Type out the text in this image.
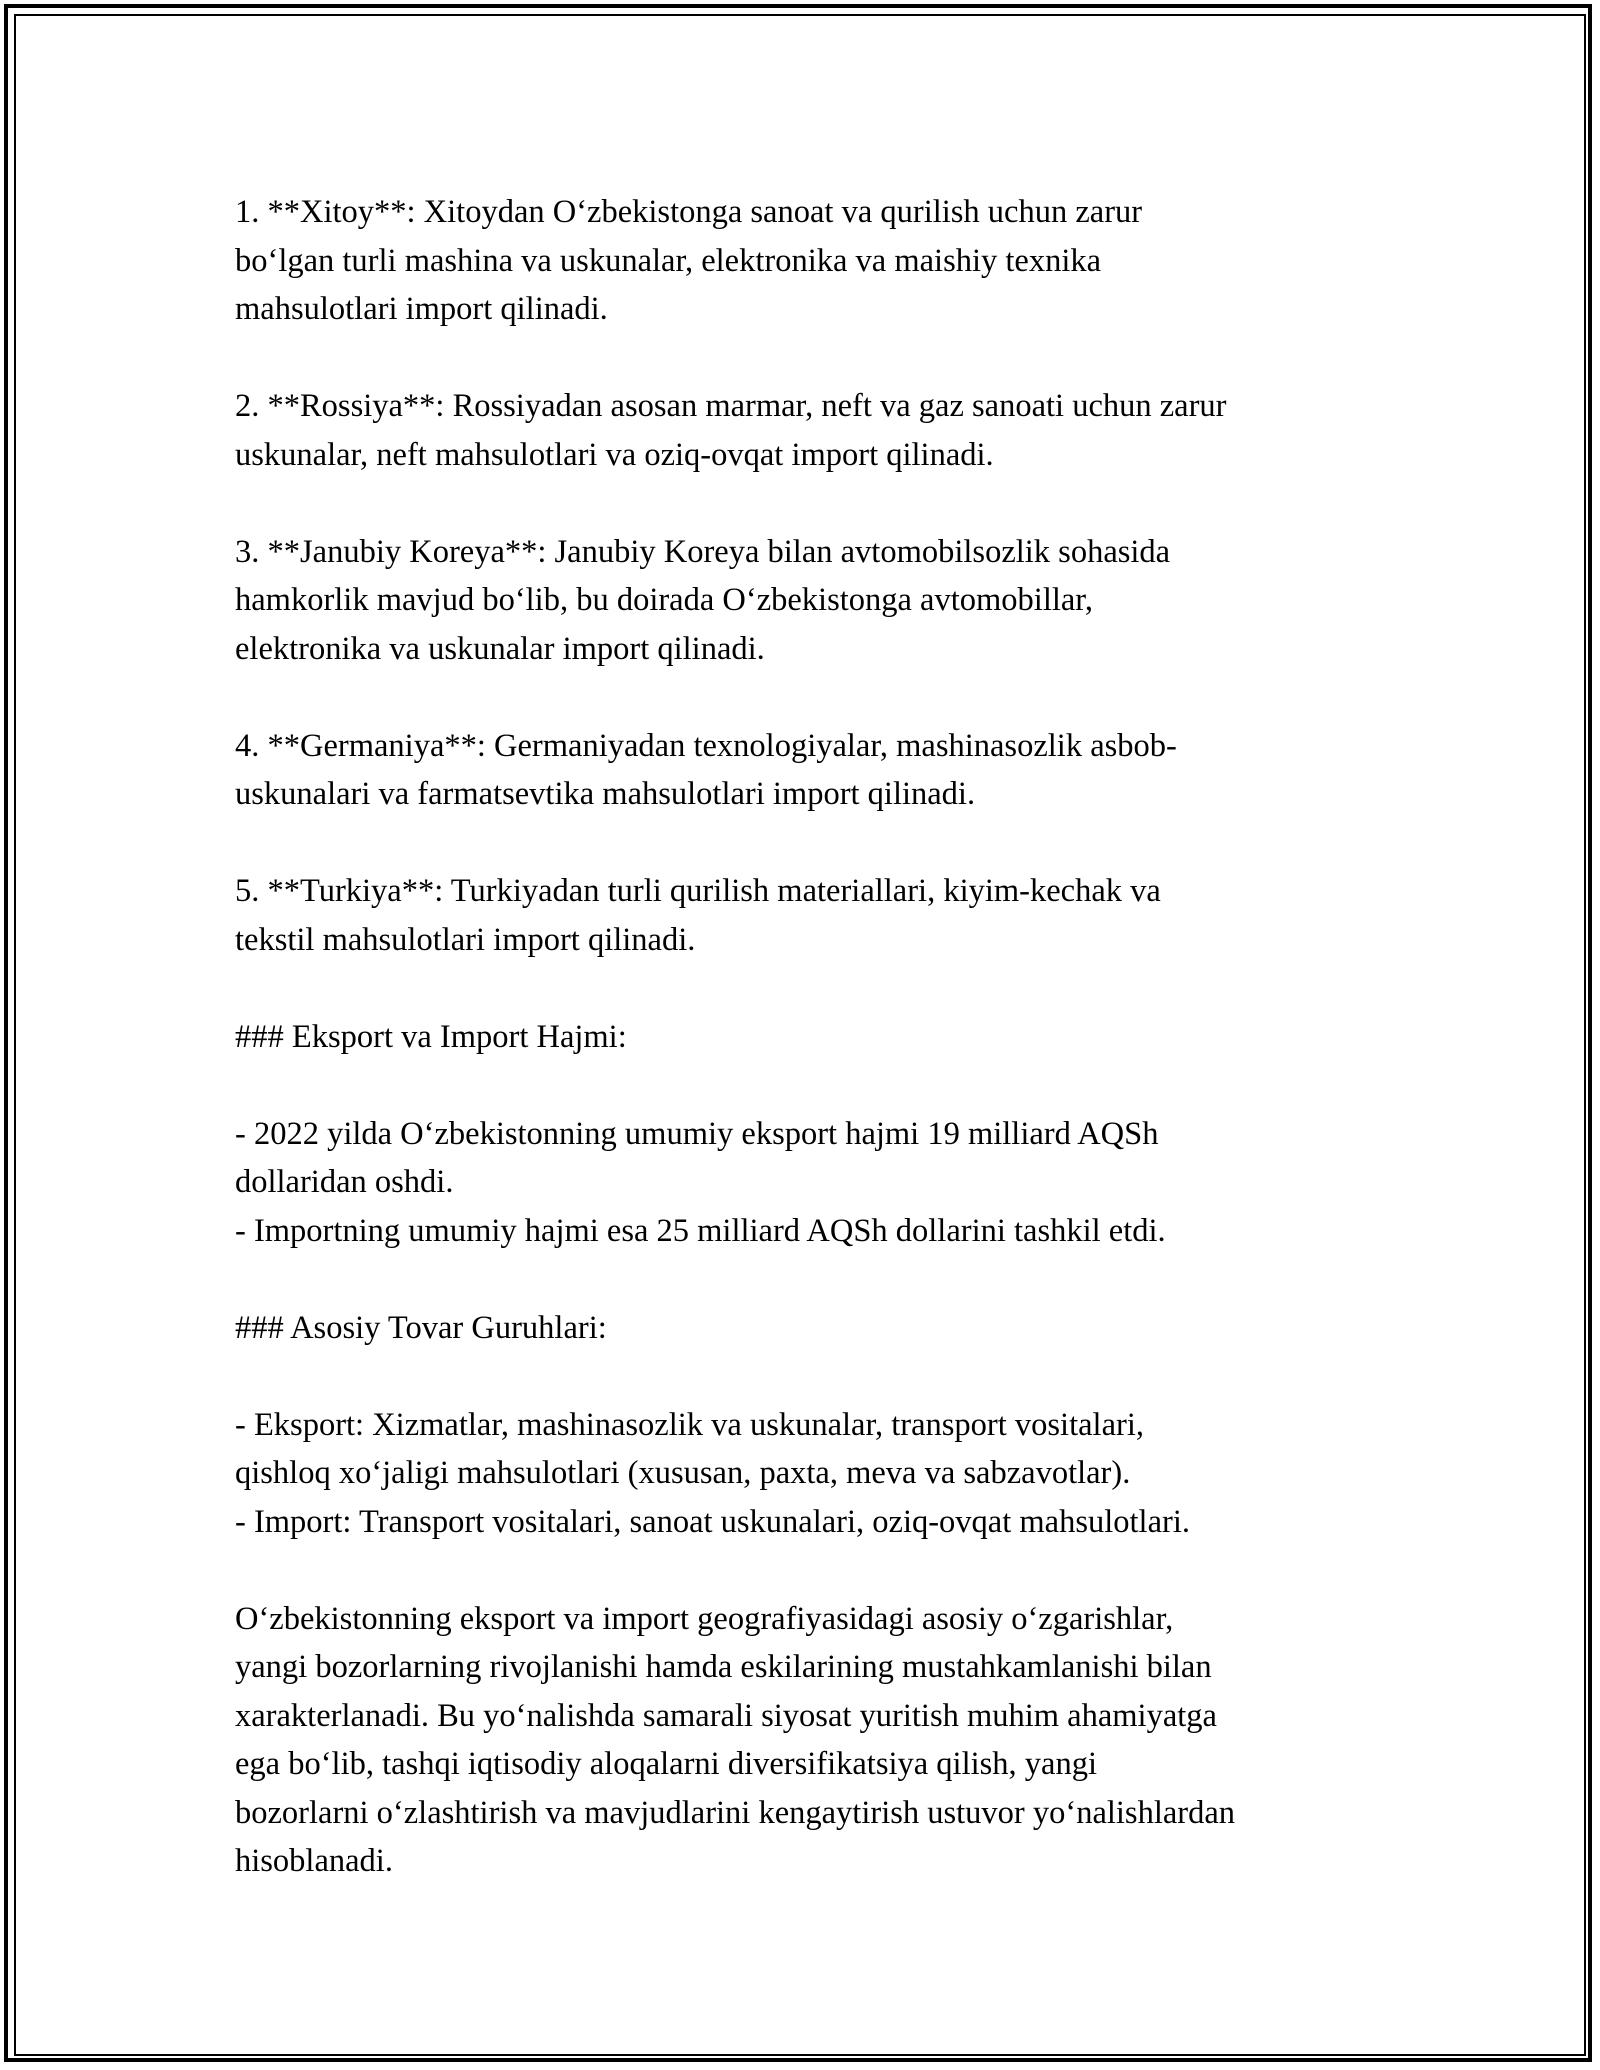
1. **Xitoy**: Xitoydan O‘zbekistonga sanoat va qurilish uchun zarur
bo‘lgan turli mashina va uskunalar, elektronika va maishiy texnika
mahsulotlari import qilinadi.

2. **Rossiya**: Rossiyadan asosan marmar, neft va gaz sanoati uchun zarur
uskunalar, neft mahsulotlari va oziq-ovqat import qilinadi.

3. **Janubiy Koreya**: Janubiy Koreya bilan avtomobilsozlik sohasida
hamkorlik mavjud bo‘lib, bu doirada O‘zbekistonga avtomobillar,
elektronika va uskunalar import qilinadi.

4. **Germaniya**: Germaniyadan texnologiyalar, mashinasozlik asbob-
uskunalari va farmatsevtika mahsulotlari import qilinadi.

5. **Turkiya**: Turkiyadan turli qurilish materiallari, kiyim-kechak va
tekstil mahsulotlari import qilinadi.

### Eksport va Import Hajmi:

- 2022 yilda O‘zbekistonning umumiy eksport hajmi 19 milliard AQSh
dollaridan oshdi.
- Importning umumiy hajmi esa 25 milliard AQSh dollarini tashkil etdi.

### Asosiy Tovar Guruhlari:

- Eksport: Xizmatlar, mashinasozlik va uskunalar, transport vositalari,
qishloq xo‘jaligi mahsulotlari (xususan, paxta, meva va sabzavotlar).
- Import: Transport vositalari, sanoat uskunalari, oziq-ovqat mahsulotlari.

O‘zbekistonning eksport va import geografiyasidagi asosiy o‘zgarishlar,
yangi bozorlarning rivojlanishi hamda eskilarining mustahkamlanishi bilan
xarakterlanadi. Bu yo‘nalishda samarali siyosat yuritish muhim ahamiyatga
ega bo‘lib, tashqi iqtisodiy aloqalarni diversifikatsiya qilish, yangi
bozorlarni o‘zlashtirish va mavjudlarini kengaytirish ustuvor yo‘nalishlardan
hisoblanadi.
